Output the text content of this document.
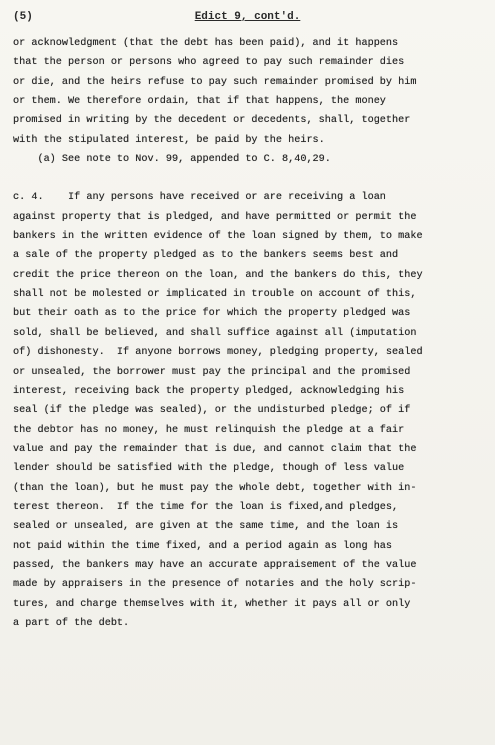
(5)	Edict 9, cont'd.
or acknowledgment (that the debt has been paid), and it happens
that the person or persons who agreed to pay such remainder dies
or die, and the heirs refuse to pay such remainder promised by him
or them. We therefore ordain, that if that happens, the money
promised in writing by the decedent or decedents, shall, together
with the stipulated interest, be paid by the heirs.
(a) See note to Nov. 99, appended to C. 8,40,29.
c. 4.    If any persons have received or are receiving a loan
against property that is pledged, and have permitted or permit the
bankers in the written evidence of the loan signed by them, to make
a sale of the property pledged as to the bankers seems best and
credit the price thereon on the loan, and the bankers do this, they
shall not be molested or implicated in trouble on account of this,
but their oath as to the price for which the property pledged was
sold, shall be believed, and shall suffice against all (imputation
of) dishonesty.  If anyone borrows money, pledging property, sealed
or unsealed, the borrower must pay the principal and the promised
interest, receiving back the property pledged, acknowledging his
seal (if the pledge was sealed), or the undisturbed pledge; of if
the debtor has no money, he must relinquish the pledge at a fair
value and pay the remainder that is due, and cannot claim that the
lender should be satisfied with the pledge, though of less value
(than the loan), but he must pay the whole debt, together with in-
terest thereon.  If the time for the loan is fixed,and pledges,
sealed or unsealed, are given at the same time, and the loan is
not paid within the time fixed, and a period again as long has
passed, the bankers may have an accurate appraisement of the value
made by appraisers in the presence of notaries and the holy scrip-
tures, and charge themselves with it, whether it pays all or only
a part of the debt.
